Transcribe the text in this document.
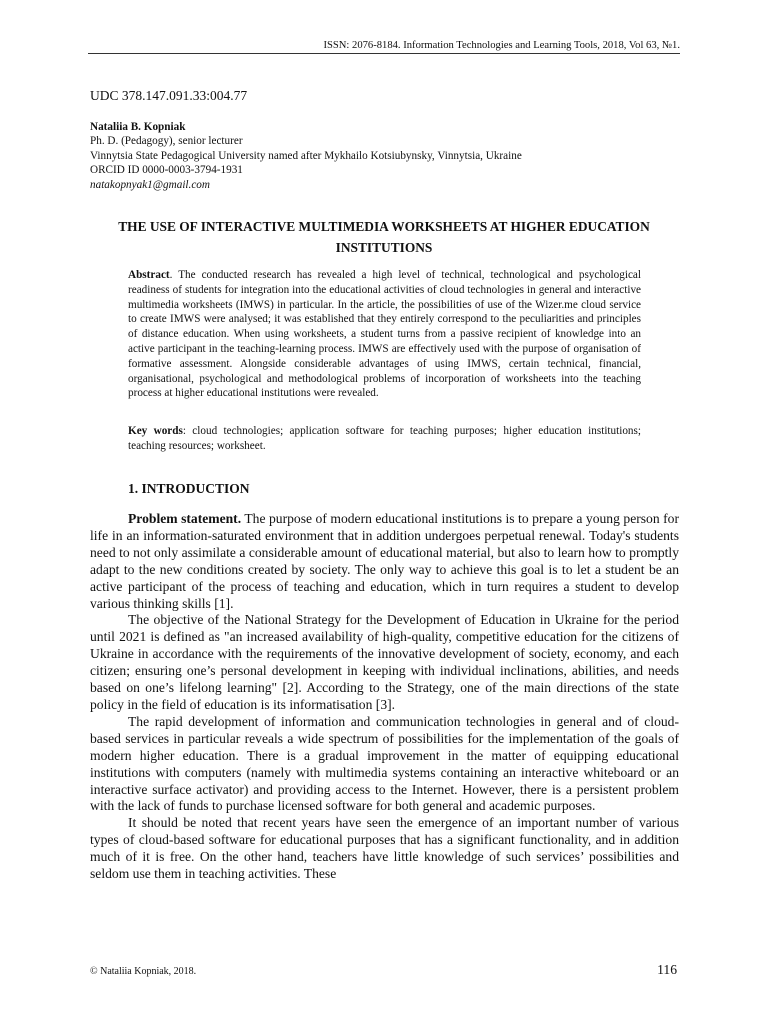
ISSN: 2076-8184. Information Technologies and Learning Tools, 2018, Vol 63, №1.
UDC 378.147.091.33:004.77
Nataliia B. Kopniak
Ph. D. (Pedagogy), senior lecturer
Vinnytsia State Pedagogical University named after Mykhailo Kotsiubynsky, Vinnytsia, Ukraine
ORCID ID 0000-0003-3794-1931
natakopnyak1@gmail.com
THE USE OF INTERACTIVE MULTIMEDIA WORKSHEETS AT HIGHER EDUCATION INSTITUTIONS
Abstract. The conducted research has revealed a high level of technical, technological and psychological readiness of students for integration into the educational activities of cloud technologies in general and interactive multimedia worksheets (IMWS) in particular. In the article, the possibilities of use of the Wizer.me cloud service to create IMWS were analysed; it was established that they entirely correspond to the peculiarities and principles of distance education. When using worksheets, a student turns from a passive recipient of knowledge into an active participant in the teaching-learning process. IMWS are effectively used with the purpose of organisation of formative assessment. Alongside considerable advantages of using IMWS, certain technical, financial, organisational, psychological and methodological problems of incorporation of worksheets into the teaching process at higher educational institutions were revealed.
Key words: cloud technologies; application software for teaching purposes; higher education institutions; teaching resources; worksheet.
1. INTRODUCTION

Problem statement. The purpose of modern educational institutions is to prepare a young person for life in an information-saturated environment that in addition undergoes perpetual renewal. Today's students need to not only assimilate a considerable amount of educational material, but also to learn how to promptly adapt to the new conditions created by society. The only way to achieve this goal is to let a student be an active participant of the process of teaching and education, which in turn requires a student to develop various thinking skills [1].

The objective of the National Strategy for the Development of Education in Ukraine for the period until 2021 is defined as "an increased availability of high-quality, competitive education for the citizens of Ukraine in accordance with the requirements of the innovative development of society, economy, and each citizen; ensuring one’s personal development in keeping with individual inclinations, abilities, and needs based on one’s lifelong learning" [2]. According to the Strategy, one of the main directions of the state policy in the field of education is its informatisation [3].

The rapid development of information and communication technologies in general and of cloud-based services in particular reveals a wide spectrum of possibilities for the implementation of the goals of modern higher education. There is a gradual improvement in the matter of equipping educational institutions with computers (namely with multimedia systems containing an interactive whiteboard or an interactive surface activator) and providing access to the Internet. However, there is a persistent problem with the lack of funds to purchase licensed software for both general and academic purposes.

It should be noted that recent years have seen the emergence of an important number of various types of cloud-based software for educational purposes that has a significant functionality, and in addition much of it is free. On the other hand, teachers have little knowledge of such services’ possibilities and seldom use them in teaching activities. These

© Nataliia Kopniak, 2018.	116
